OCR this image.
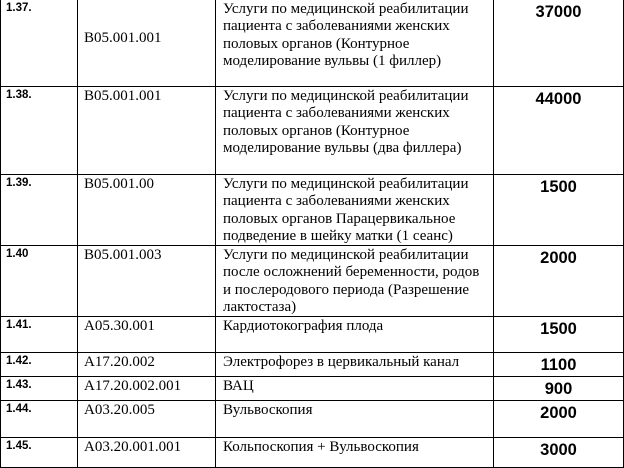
1.37.	B05.001.001	Услуги по медицинской реабилитации пациента с заболеваниями женских половых органов (Контурное моделирование вульвы (1 филлер)	37000
1.38.	B05.001.001	Услуги по медицинской реабилитации пациента с заболеваниями женских половых органов (Контурное моделирование вульвы (два филлера)	44000
1.39.	B05.001.00	Услуги по медицинской реабилитации пациента с заболеваниями женских половых органов Парацервикальное подведение в шейку матки (1 сеанс)	1500
1.40	B05.001.003	Услуги по медицинской реабилитации после осложнений беременности, родов и послеродового периода (Разрешение лактостаза)	2000
1.41.	A05.30.001	Кардиотокография плода	1500
1.42.	A17.20.002	Электрофорез в цервикальный канал	1100
1.43.	A17.20.002.001	ВАЦ	900
1.44.	A03.20.005	Вульвоскопия	2000
1.45.	A03.20.001.001	Кольпоскопия + Вульвоскопия	3000
